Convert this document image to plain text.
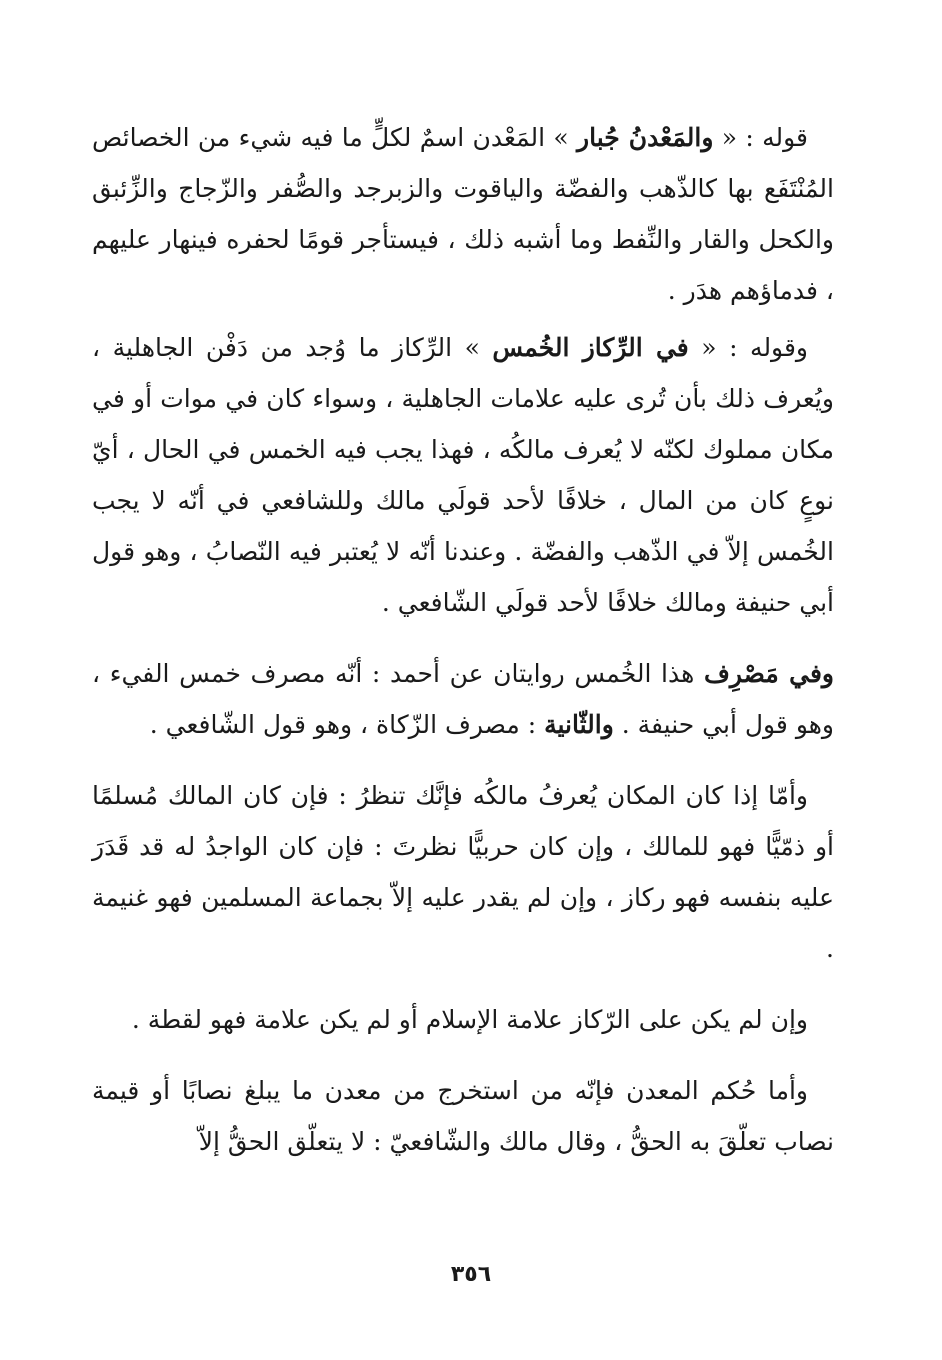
قوله : « والمَعْدنُ جُبار » المَعْدن اسمٌ لكلٍّ ما فيه شيء من الخصائص المُنْتَفَع بها كالذّهب والفضّة والياقوت والزبرجد والصُّفر والزّجاج والزِّئبق والكحل والقار والنِّفط وما أشبه ذلك ، فيستأجر قومًا لحفره فينهار عليهم ، فدماؤهم هدَر .

وقوله : « في الرِّكاز الخُمس » الرِّكاز ما وُجد من دَفْن الجاهلية ، ويُعرف ذلك بأن تُرى عليه علامات الجاهلية ، وسواء كان في موات أو في مكان مملوك لكنّه لا يُعرف مالكُه ، فهذا يجب فيه الخمس في الحال ، أيّ نوعٍ كان من المال ، خلافًا لأحد قولَي مالك وللشافعي في أنّه لا يجب الخُمس إلاّ في الذّهب والفضّة . وعندنا أنّه لا يُعتبر فيه النّصابُ ، وهو قول أبي حنيفة ومالك خلافًا لأحد قولَي الشّافعي .

وفي مَصْرِف هذا الخُمس روايتان عن أحمد : أنّه مصرف خمس الفيء ، وهو قول أبي حنيفة . والثّانية : مصرف الزّكاة ، وهو قول الشّافعي .

وأمّا إذا كان المكان يُعرفُ مالكُه فإنَّك تنظرُ : فإن كان المالك مُسلمًا أو ذمّيًّا فهو للمالك ، وإن كان حربيًّا نظرتَ : فإن كان الواجدُ له قد قَدَرَ عليه بنفسه فهو ركاز ، وإن لم يقدر عليه إلاّ بجماعة المسلمين فهو غنيمة .

وإن لم يكن على الرّكاز علامة الإسلام أو لم يكن علامة فهو لقطة .

وأما حُكم المعدن فإنّه من استخرج من معدن ما يبلغ نصابًا أو قيمة نصاب تعلّقَ به الحقُّ ، وقال مالك والشّافعيّ : لا يتعلّق الحقُّ إلاّ

٣٥٦
